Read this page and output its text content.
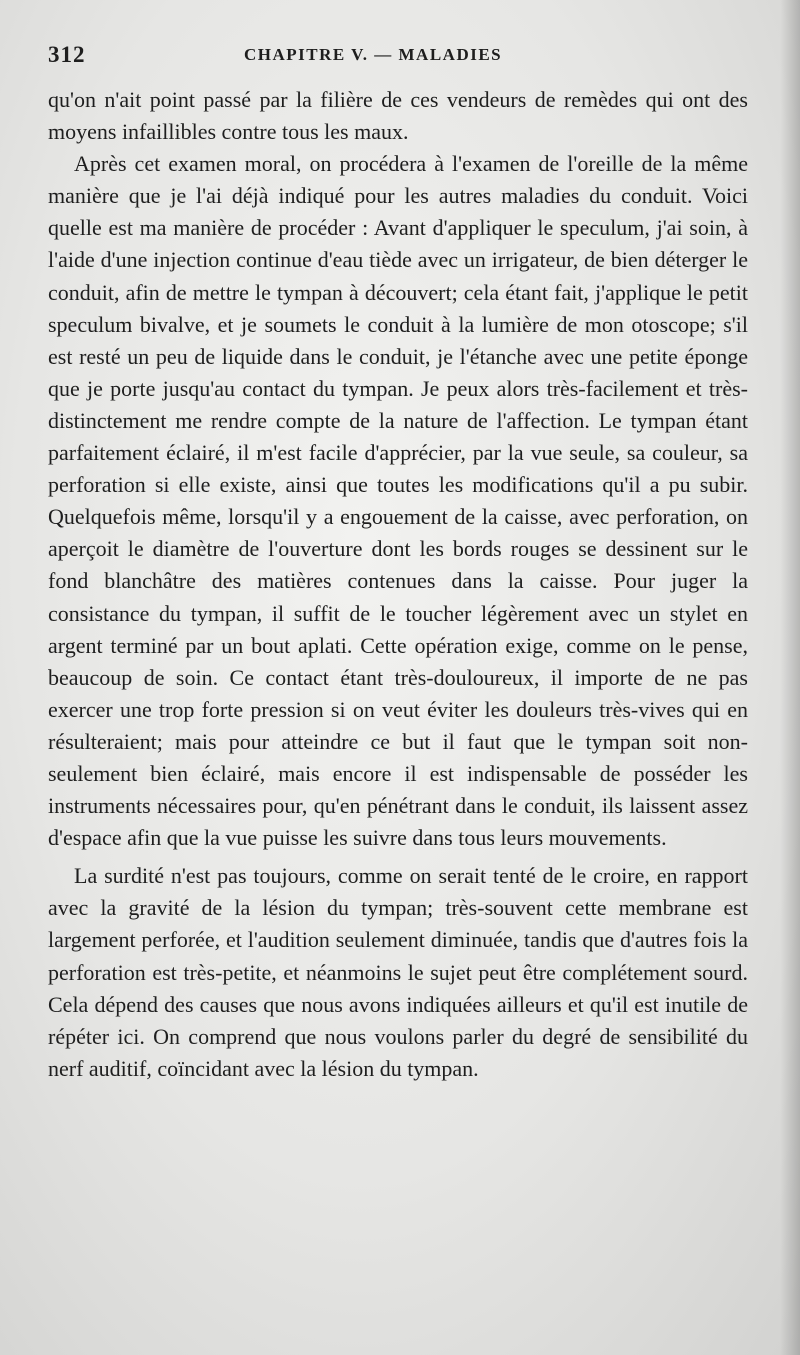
312	CHAPITRE V. — MALADIES

qu'on n'ait point passé par la filière de ces vendeurs de remèdes qui ont des moyens infaillibles contre tous les maux.

Après cet examen moral, on procédera à l'examen de l'oreille de la même manière que je l'ai déjà indiqué pour les autres maladies du conduit. Voici quelle est ma manière de procéder : Avant d'appliquer le speculum, j'ai soin, à l'aide d'une injection continue d'eau tiède avec un irrigateur, de bien déterger le conduit, afin de mettre le tympan à découvert; cela étant fait, j'applique le petit speculum bivalve, et je soumets le conduit à la lumière de mon otoscope; s'il est resté un peu de liquide dans le conduit, je l'étanche avec une petite éponge que je porte jusqu'au contact du tympan. Je peux alors très-facilement et très-distinctement me rendre compte de la nature de l'affection. Le tympan étant parfaitement éclairé, il m'est facile d'apprécier, par la vue seule, sa couleur, sa perforation si elle existe, ainsi que toutes les modifications qu'il a pu subir. Quelquefois même, lorsqu'il y a engouement de la caisse, avec perforation, on aperçoit le diamètre de l'ouverture dont les bords rouges se dessinent sur le fond blanchâtre des matières contenues dans la caisse. Pour juger la consistance du tympan, il suffit de le toucher légèrement avec un stylet en argent terminé par un bout aplati. Cette opération exige, comme on le pense, beaucoup de soin. Ce contact étant très-douloureux, il importe de ne pas exercer une trop forte pression si on veut éviter les douleurs très-vives qui en résulteraient; mais pour atteindre ce but il faut que le tympan soit non-seulement bien éclairé, mais encore il est indispensable de posséder les instruments nécessaires pour, qu'en pénétrant dans le conduit, ils laissent assez d'espace afin que la vue puisse les suivre dans tous leurs mouvements.

La surdité n'est pas toujours, comme on serait tenté de le croire, en rapport avec la gravité de la lésion du tympan; très-souvent cette membrane est largement perforée, et l'audition seulement diminuée, tandis que d'autres fois la perforation est très-petite, et néanmoins le sujet peut être complétement sourd. Cela dépend des causes que nous avons indiquées ailleurs et qu'il est inutile de répéter ici. On comprend que nous voulons parler du degré de sensibilité du nerf auditif, coïncidant avec la lésion du tympan.
